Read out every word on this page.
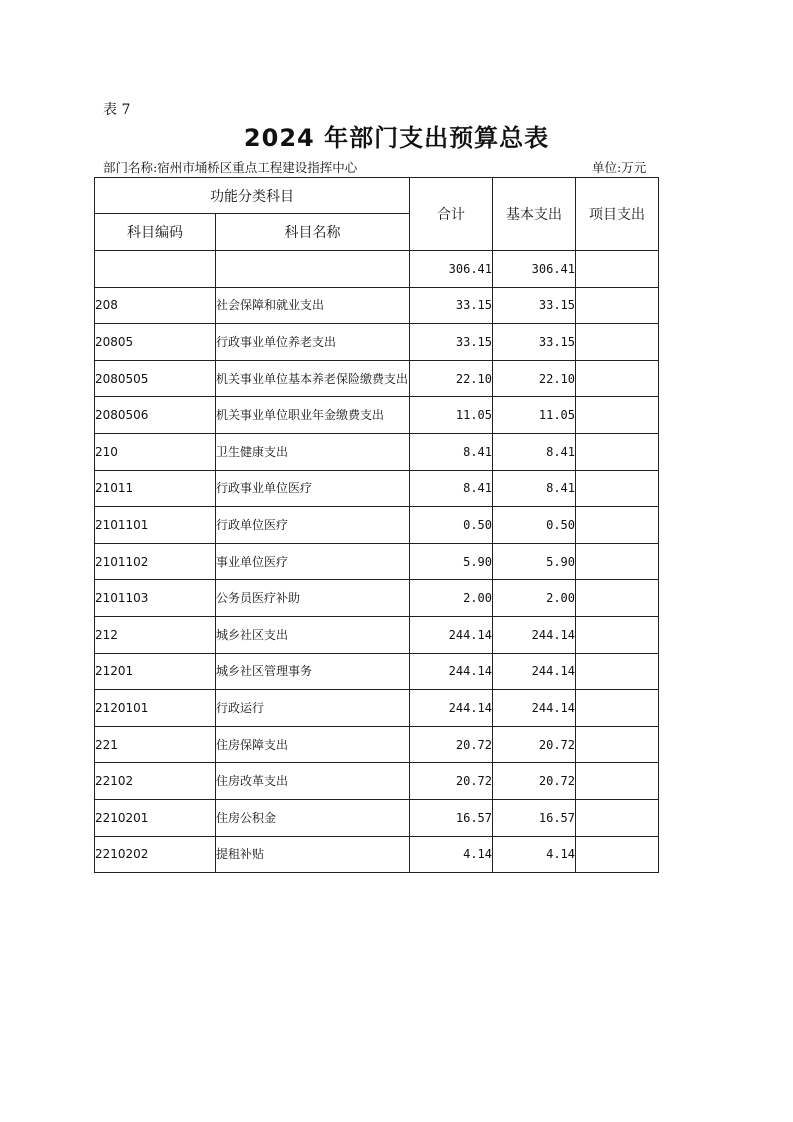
表 7
2024 年部门支出预算总表
部门名称:宿州市埇桥区重点工程建设指挥中心	单位:万元
功能分类科目		合计	基本支出	项目支出
科目编码	科目名称			
		306.41	306.41	
208	社会保障和就业支出	33.15	33.15	
20805	行政事业单位养老支出	33.15	33.15	
2080505	机关事业单位基本养老保险缴费支出	22.10	22.10	
2080506	机关事业单位职业年金缴费支出	11.05	11.05	
210	卫生健康支出	8.41	8.41	
21011	行政事业单位医疗	8.41	8.41	
2101101	行政单位医疗	0.50	0.50	
2101102	事业单位医疗	5.90	5.90	
2101103	公务员医疗补助	2.00	2.00	
212	城乡社区支出	244.14	244.14	
21201	城乡社区管理事务	244.14	244.14	
2120101	行政运行	244.14	244.14	
221	住房保障支出	20.72	20.72	
22102	住房改革支出	20.72	20.72	
2210201	住房公积金	16.57	16.57	
2210202	提租补贴	4.14	4.14	
